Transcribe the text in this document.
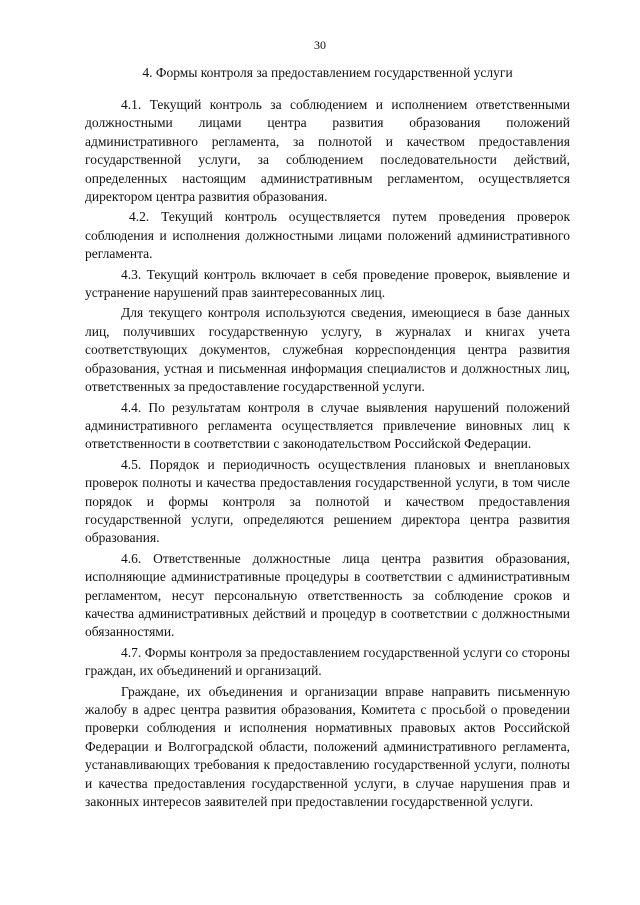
30
4. Формы контроля за предоставлением государственной услуги

4.1. Текущий контроль за соблюдением и исполнением ответственными должностными лицами центра развития образования положений административного регламента, за полнотой и качеством предоставления государственной услуги, за соблюдением последовательности действий, определенных настоящим административным регламентом, осуществляется директором центра развития образования.

4.2. Текущий контроль осуществляется путем проведения проверок соблюдения и исполнения должностными лицами положений административного регламента.

4.3. Текущий контроль включает в себя проведение проверок, выявление и устранение нарушений прав заинтересованных лиц.

Для текущего контроля используются сведения, имеющиеся в базе данных лиц, получивших государственную услугу, в журналах и книгах учета соответствующих документов, служебная корреспонденция центра развития образования, устная и письменная информация специалистов и должностных лиц, ответственных за предоставление государственной услуги.

4.4. По результатам контроля в случае выявления нарушений положений административного регламента осуществляется привлечение виновных лиц к ответственности в соответствии с законодательством Российской Федерации.

4.5. Порядок и периодичность осуществления плановых и внеплановых проверок полноты и качества предоставления государственной услуги, в том числе порядок и формы контроля за полнотой и качеством предоставления государственной услуги, определяются решением директора центра развития образования.

4.6. Ответственные должностные лица центра развития образования, исполняющие административные процедуры в соответствии с административным регламентом, несут персональную ответственность за соблюдение сроков и качества административных действий и процедур в соответствии с должностными обязанностями.

4.7. Формы контроля за предоставлением государственной услуги со стороны граждан, их объединений и организаций.

Граждане, их объединения и организации вправе направить письменную жалобу в адрес центра развития образования, Комитета с просьбой о проведении проверки соблюдения и исполнения нормативных правовых актов Российской Федерации и Волгоградской области, положений административного регламента, устанавливающих требования к предоставлению государственной услуги, полноты и качества предоставления государственной услуги, в случае нарушения прав и законных интересов заявителей при предоставлении государственной услуги.
